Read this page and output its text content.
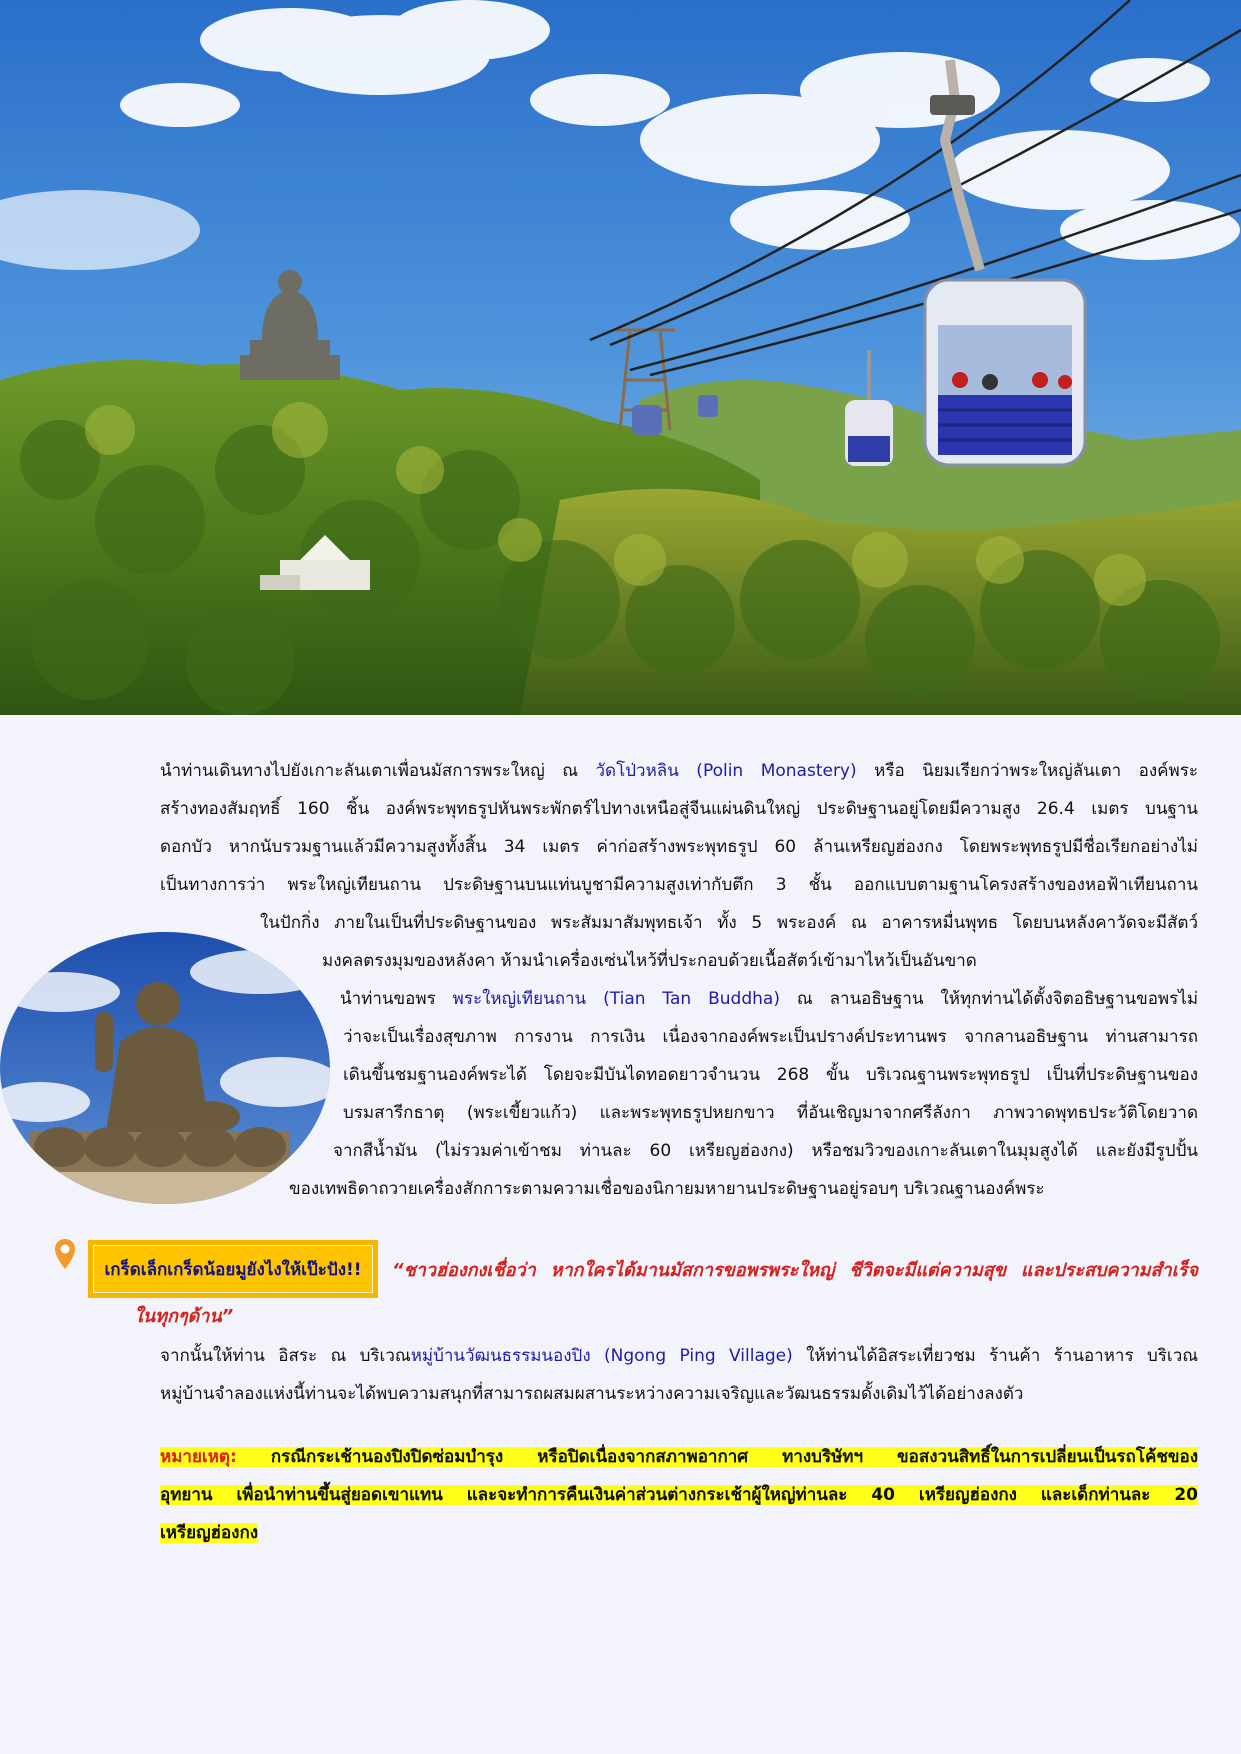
นำท่านเดินทางไปยังเกาะลันเตาเพื่อนมัสการพระใหญ่ ณ วัดโป่วหลิน (Polin Monastery) หรือ นิยมเรียกว่าพระใหญ่ลันเตา องค์พระ
สร้างทองสัมฤทธิ์ 160 ชิ้น องค์พระพุทธรูปหันพระพักตร์ไปทางเหนือสู่จีนแผ่นดินใหญ่ ประดิษฐานอยู่โดยมีความสูง 26.4 เมตร บนฐาน
ดอกบัว หากนับรวมฐานแล้วมีความสูงทั้งสิ้น 34 เมตร ค่าก่อสร้างพระพุทธรูป 60 ล้านเหรียญฮ่องกง โดยพระพุทธรูปมีชื่อเรียกอย่างไม่
เป็นทางการว่า พระใหญ่เทียนถาน ประดิษฐานบนแท่นบูชามีความสูงเท่ากับตึก 3 ชั้น ออกแบบตามฐานโครงสร้างของหอฟ้าเทียนถาน
ในปักกิ่ง ภายในเป็นที่ประดิษฐานของ พระสัมมาสัมพุทธเจ้า ทั้ง 5 พระองค์ ณ อาคารหมื่นพุทธ โดยบนหลังคาวัดจะมีสัตว์
มงคลตรงมุมของหลังคา ห้ามนำเครื่องเซ่นไหว้ที่ประกอบด้วยเนื้อสัตว์เข้ามาไหว้เป็นอันขาด
นำท่านขอพร พระใหญ่เทียนถาน (Tian Tan Buddha) ณ ลานอธิษฐาน ให้ทุกท่านได้ตั้งจิตอธิษฐานขอพรไม่
ว่าจะเป็นเรื่องสุขภาพ การงาน การเงิน เนื่องจากองค์พระเป็นปรางค์ประทานพร จากลานอธิษฐาน ท่านสามารถ
เดินขึ้นชมฐานองค์พระได้ โดยจะมีบันไดทอดยาวจำนวน 268 ขั้น บริเวณฐานพระพุทธรูป เป็นที่ประดิษฐานของ
บรมสารีกธาตุ (พระเขี้ยวแก้ว) และพระพุทธรูปหยกขาว ที่อันเชิญมาจากศรีลังกา ภาพวาดพุทธประวัติโดยวาด
จากสีน้ำมัน (ไม่รวมค่าเข้าชม ท่านละ 60 เหรียญฮ่องกง) หรือชมวิวของเกาะลันเตาในมุมสูงได้ และยังมีรูปปั้น
ของเทพธิดาถวายเครื่องสักการะตามความเชื่อของนิกายมหายานประดิษฐานอยู่รอบๆ บริเวณฐานองค์พระ
เกร็ดเล็กเกร็ดน้อยมูยังไงให้เป๊ะปัง!!	“ชาวฮ่องกงเชื่อว่า หากใครได้มานมัสการขอพรพระใหญ่ ชีวิตจะมีแต่ความสุข และประสบความสำเร็จ
ในทุกๆด้าน”
จากนั้นให้ท่าน อิสระ ณ บริเวณหมู่บ้านวัฒนธรรมนองปิง (Ngong Ping Village) ให้ท่านได้อิสระเที่ยวชม ร้านค้า ร้านอาหาร บริเวณ
หมู่บ้านจำลองแห่งนี้ท่านจะได้พบความสนุกที่สามารถผสมผสานระหว่างความเจริญและวัฒนธรรมดั้งเดิมไว้ได้อย่างลงตัว
หมายเหตุ: กรณีกระเช้านองปิงปิดซ่อมบำรุง หรือปิดเนื่องจากสภาพอากาศ ทางบริษัทฯ ขอสงวนสิทธิ์ในการเปลี่ยนเป็นรถโค้ชของ
อุทยาน เพื่อนำท่านขึ้นสู่ยอดเขาแทน และจะทำการคืนเงินค่าส่วนต่างกระเช้าผู้ใหญ่ท่านละ 40 เหรียญฮ่องกง และเด็กท่านละ 20
เหรียญฮ่องกง
